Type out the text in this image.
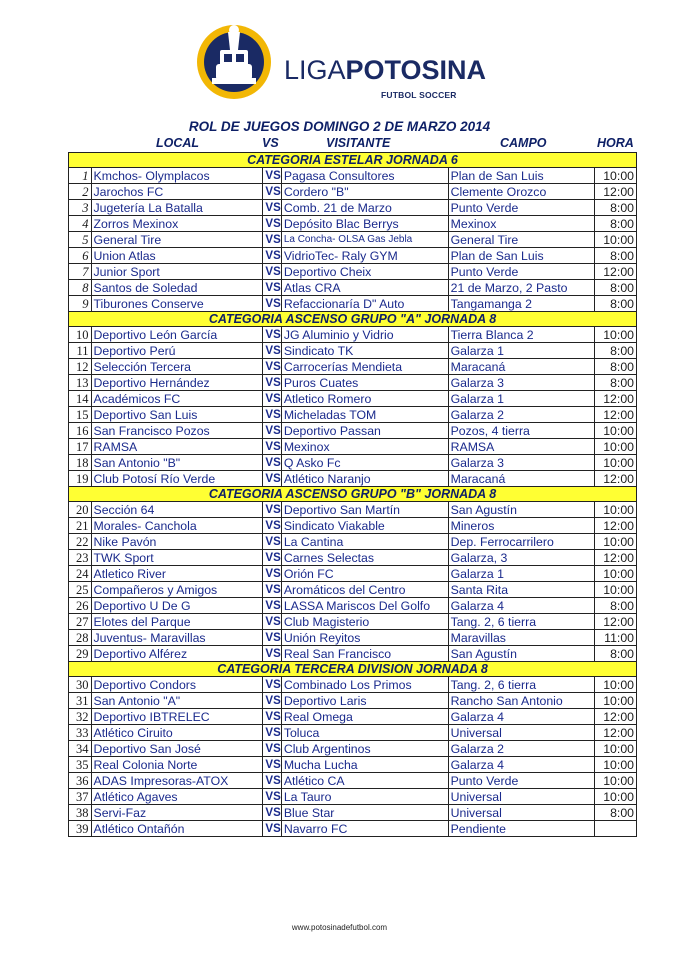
LIGAPOTOSINA
FUTBOL SOCCER
ROL DE JUEGOS DOMINGO 2 DE MARZO 2014
LOCAL	VS	VISITANTE	CAMPO	HORA
CATEGORIA ESTELAR JORNADA 6					
1	Kmchos- Olymplacos	VS	Pagasa Consultores	Plan de San Luis	10:00
2	Jarochos FC	VS	Cordero "B"	Clemente Orozco	12:00
3	Jugetería La Batalla	VS	Comb. 21 de Marzo	Punto Verde	8:00
4	Zorros Mexinox	VS	Depósito Blac Berrys	Mexinox	8:00
5	General Tire	VS	La Concha- OLSA Gas Jebla	General Tire	10:00
6	Union Atlas	VS	VidrioTec- Raly GYM	Plan de San Luis	8:00
7	Junior Sport	VS	Deportivo Cheix	Punto Verde	12:00
8	Santos de Soledad	VS	Atlas CRA	21 de Marzo, 2 Pasto	8:00
9	Tiburones Conserve	VS	Refaccionaría D" Auto	Tangamanga 2	8:00
CATEGORIA ASCENSO GRUPO "A" JORNADA 8					
10	Deportivo León García	VS	JG Aluminio y Vidrio	Tierra Blanca 2	10:00
11	Deportivo Perú	VS	Sindicato TK	Galarza 1	8:00
12	Selección Tercera	VS	Carrocerías Mendieta	Maracaná	8:00
13	Deportivo Hernández	VS	Puros Cuates	Galarza 3	8:00
14	Académicos FC	VS	Atletico Romero	Galarza 1	12:00
15	Deportivo San Luis	VS	Micheladas TOM	Galarza 2	12:00
16	San Francisco Pozos	VS	Deportivo Passan	Pozos, 4 tierra	10:00
17	RAMSA	VS	Mexinox	RAMSA	10:00
18	San Antonio "B"	VS	Q Asko Fc	Galarza 3	10:00
19	Club Potosí Río Verde	VS	Atlético Naranjo	Maracaná	12:00
CATEGORIA ASCENSO GRUPO "B" JORNADA 8					
20	Sección 64	VS	Deportivo San Martín	San Agustín	10:00
21	Morales- Canchola	VS	Sindicato Viakable	Mineros	12:00
22	Nike Pavón	VS	La Cantina	Dep. Ferrocarrilero	10:00
23	TWK Sport	VS	Carnes Selectas	Galarza, 3	12:00
24	Atletico River	VS	Orión FC	Galarza 1	10:00
25	Compañeros y Amigos	VS	Aromáticos del Centro	Santa Rita	10:00
26	Deportivo U De G	VS	LASSA Mariscos Del Golfo	Galarza 4	8:00
27	Elotes del Parque	VS	Club Magisterio	Tang. 2, 6 tierra	12:00
28	Juventus- Maravillas	VS	Unión Reyitos	Maravillas	11:00
29	Deportivo Alférez	VS	Real San Francisco	San Agustín	8:00
CATEGORIA TERCERA DIVISION JORNADA 8					
30	Deportivo Condors	VS	Combinado Los Primos	Tang. 2, 6 tierra	10:00
31	San Antonio "A"	VS	Deportivo Laris	Rancho San Antonio	10:00
32	Deportivo IBTRELEC	VS	Real Omega	Galarza 4	12:00
33	Atlético Ciruito	VS	Toluca	Universal	12:00
34	Deportivo San José	VS	Club Argentinos	Galarza 2	10:00
35	Real Colonia Norte	VS	Mucha Lucha	Galarza 4	10:00
36	ADAS Impresoras-ATOX	VS	Atlético CA	Punto Verde	10:00
37	Atlético Agaves	VS	La Tauro	Universal	10:00
38	Servi-Faz	VS	Blue Star	Universal	8:00
39	Atlético Ontañón	VS	Navarro FC	Pendiente	
www.potosinadefutbol.com
